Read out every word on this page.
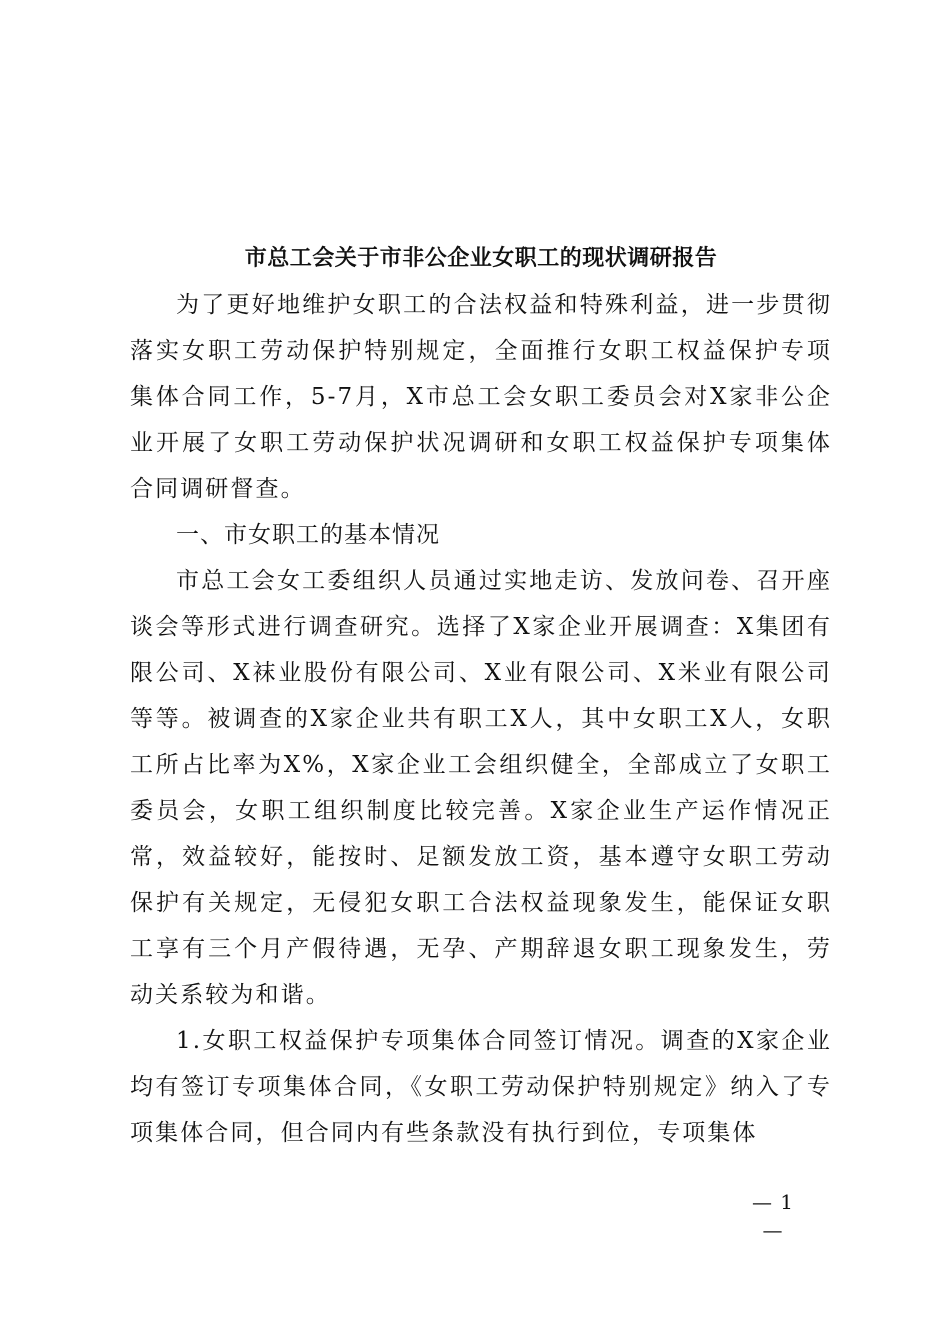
市总工会关于市非公企业女职工的现状调研报告

为了更好地维护女职工的合法权益和特殊利益，进一步贯彻落实女职工劳动保护特别规定，全面推行女职工权益保护专项集体合同工作，5-7月，X市总工会女职工委员会对X家非公企业开展了女职工劳动保护状况调研和女职工权益保护专项集体合同调研督查。

一、市女职工的基本情况

市总工会女工委组织人员通过实地走访、发放问卷、召开座谈会等形式进行调查研究。选择了X家企业开展调查：X集团有限公司、X袜业股份有限公司、X业有限公司、X米业有限公司等等。被调查的X家企业共有职工X人，其中女职工X人，女职工所占比率为X%，X家企业工会组织健全，全部成立了女职工委员会，女职工组织制度比较完善。X家企业生产运作情况正常，效益较好，能按时、足额发放工资，基本遵守女职工劳动保护有关规定，无侵犯女职工合法权益现象发生，能保证女职工享有三个月产假待遇，无孕、产期辞退女职工现象发生，劳动关系较为和谐。

1.女职工权益保护专项集体合同签订情况。调查的X家企业均有签订专项集体合同，《女职工劳动保护特别规定》纳入了专项集体合同，但合同内有些条款没有执行到位，专项集体

— 1 —
